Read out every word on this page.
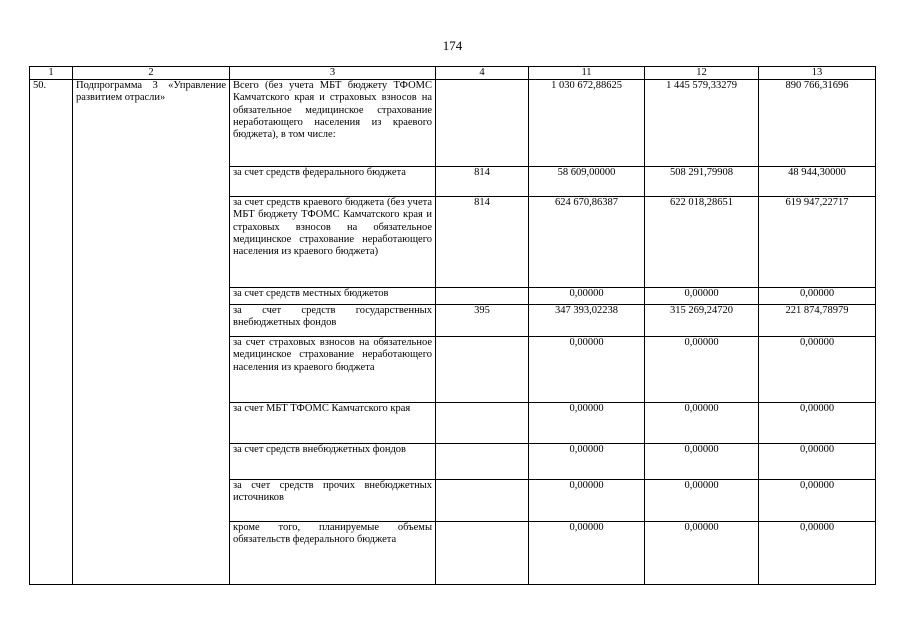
174
1	2	3	4	11	12	13
50.	Подпрограмма 3 «Управление развитием отрасли»	Всего (без учета МБТ бюджету ТФОМС Камчатского края и страховых взносов на обязательное медицинское страхование неработающего населения из краевого бюджета), в том числе:		1 030 672,88625	1 445 579,33279	890 766,31696
		за счет средств федерального бюджета	814	58 609,00000	508 291,79908	48 944,30000
		за счет средств краевого бюджета (без учета МБТ бюджету ТФОМС Камчатского края и страховых взносов на обязательное медицинское страхование неработающего населения из краевого бюджета)	814	624 670,86387	622 018,28651	619 947,22717
		за счет средств местных бюджетов		0,00000	0,00000	0,00000
		за счет средств государственных внебюджетных фондов	395	347 393,02238	315 269,24720	221 874,78979
		за счет страховых взносов на обязательное медицинское страхование неработающего населения из краевого бюджета		0,00000	0,00000	0,00000
		за счет МБТ ТФОМС Камчатского края		0,00000	0,00000	0,00000
		за счет средств внебюджетных фондов		0,00000	0,00000	0,00000
		за счет средств прочих внебюджетных источников		0,00000	0,00000	0,00000
		кроме того, планируемые объемы обязательств федерального бюджета		0,00000	0,00000	0,00000
